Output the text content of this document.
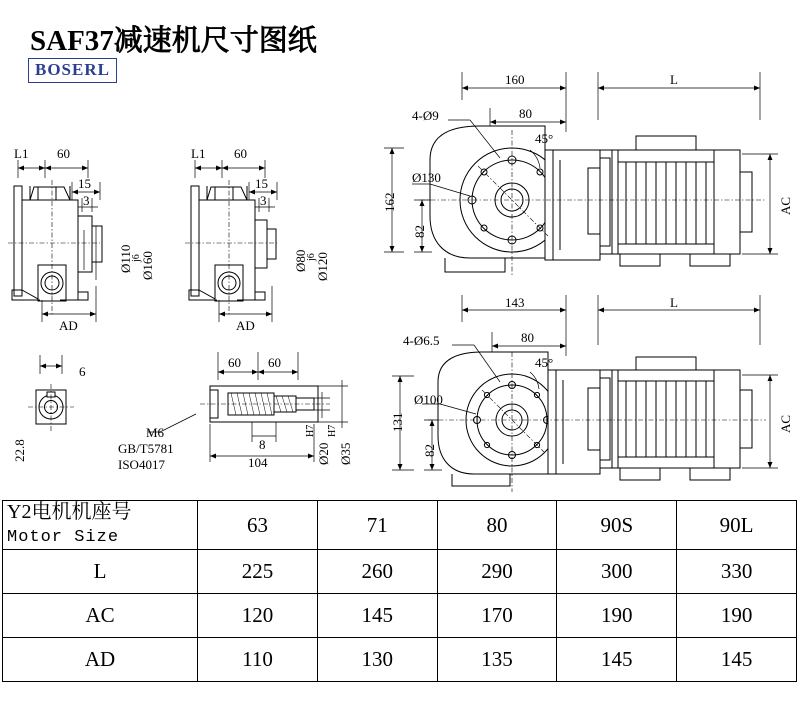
SAF37减速机尺寸图纸
BOSERL
L1 60
15
3
Ø110
j6
Ø160
AD
L1 60
15
3
Ø80
j6
Ø120
AD
6
22.8
60 60
M6
GB/T5781
ISO4017
8
104	Ø20
H7
Ø35
H7
160	L
4-Ø9	80
45°
Ø130
162
82
AC
143	L
4-Ø6.5	80
45°
Ø100
131
82
AC
Y2电机机座号
Motor Size	63	71	80	90S	90L
L	225	260	290	300	330
AC	120	145	170	190	190
AD	110	130	135	145	145
